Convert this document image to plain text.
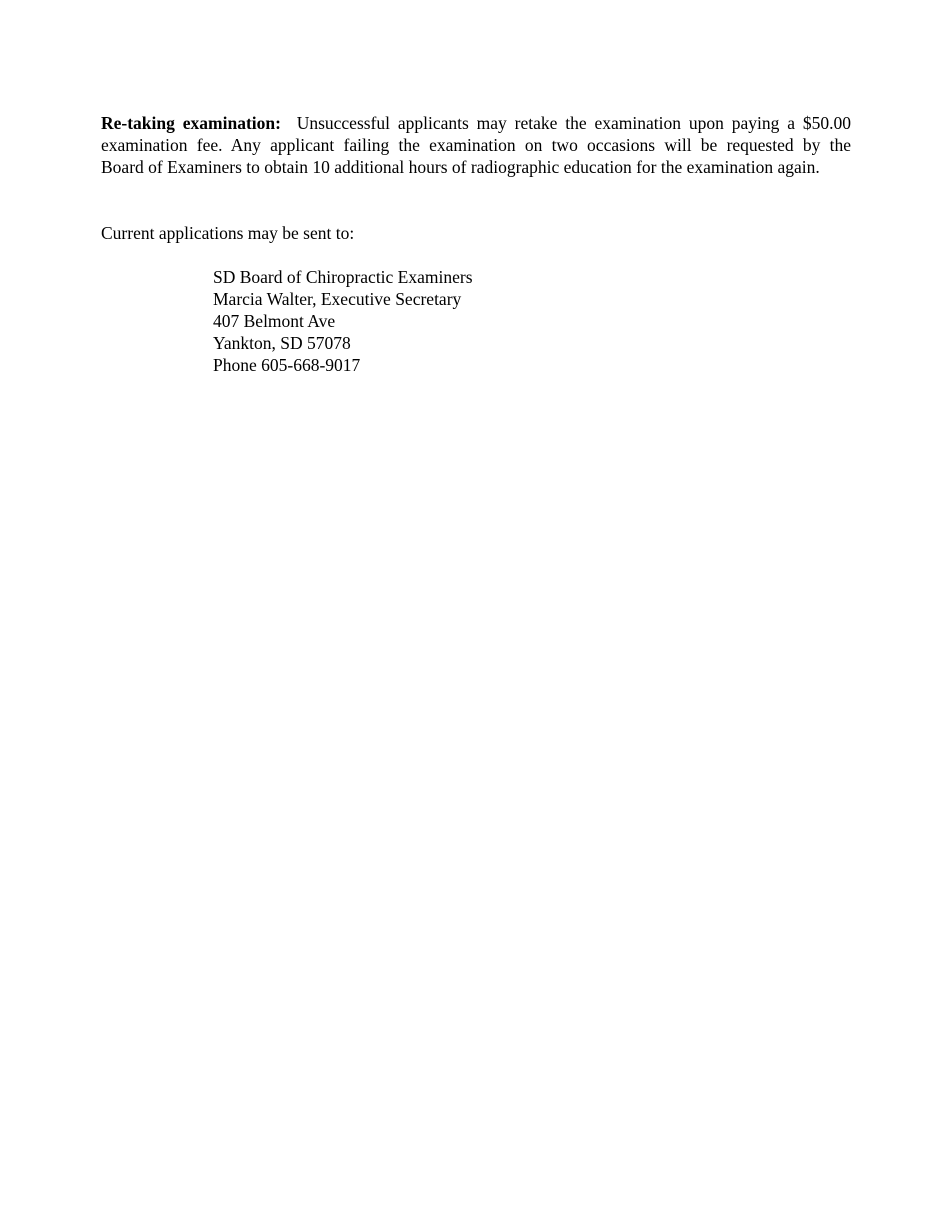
Re-taking examination: Unsuccessful applicants may retake the examination upon paying a $50.00
examination fee. Any applicant failing the examination on two occasions will be requested by the
Board of Examiners to obtain 10 additional hours of radiographic education for the examination again.
Current applications may be sent to:
SD Board of Chiropractic Examiners
Marcia Walter, Executive Secretary
407 Belmont Ave
Yankton, SD 57078
Phone 605-668-9017
